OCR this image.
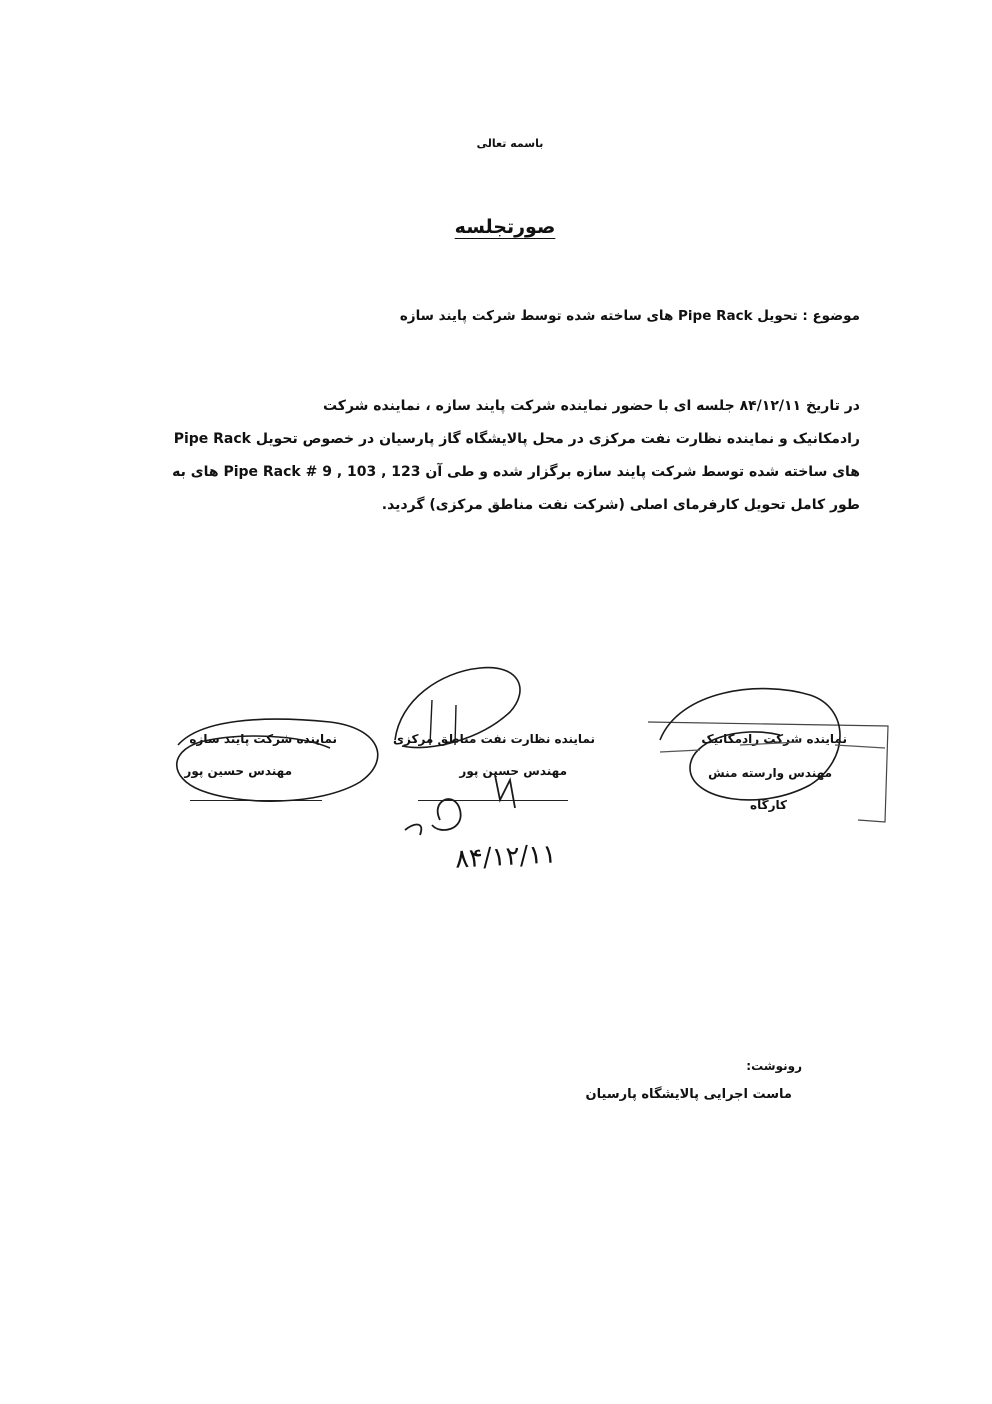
باسمه تعالی
صورتجلسه
موضوع : تحویل Pipe Rack های ساخته شده توسط شرکت پایند سازه
در تاریخ ۸۴/۱۲/۱۱ جلسه ای با حضور نماینده شرکت پایند سازه ، نماینده شرکت
رادمکانیک و نماینده نظارت نفت مرکزی در محل پالایشگاه گاز پارسیان در خصوص تحویل Pipe Rack
های ساخته شده توسط شرکت پایند سازه برگزار شده و طی آن Pipe Rack # 9 , 103 , 123 های به
طور کامل تحویل کارفرمای اصلی (شرکت نفت مناطق مرکزی) گردید.
نماینده شرکت پایند سازه
مهندس حسین پور
نماینده نظارت نفت مناطق مرکزی
مهندس حسین پور
نماینده شرکت رادمکانیک
مهندس وارسته منش
کارگاه
۸۴/۱۲/۱۱
رونوشت:
ماست اجرایی پالایشگاه پارسیان
